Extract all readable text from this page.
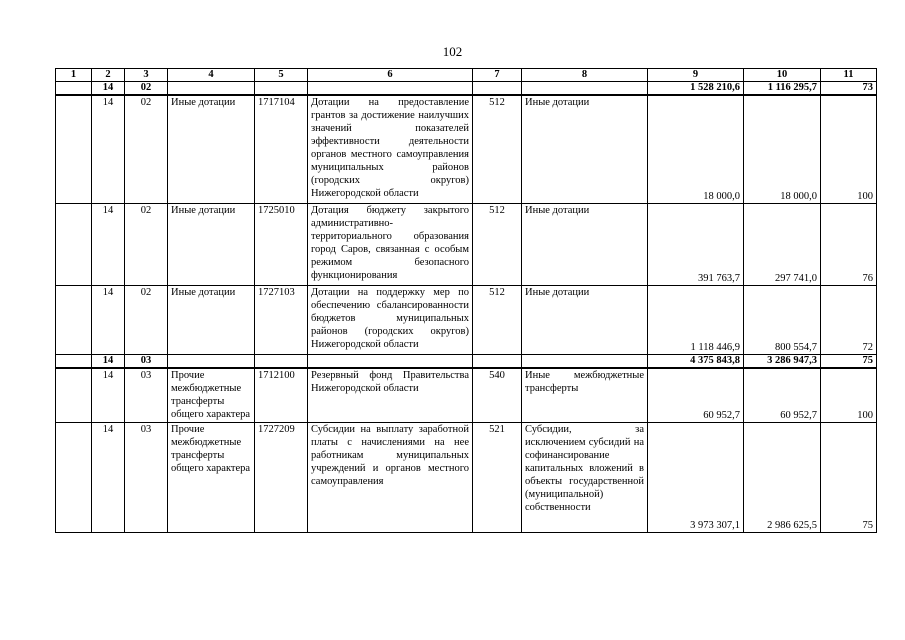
102
1	2	3	4	5	6	7	8	9	10	11
	14	02						1 528 210,6	1 116 295,7	73
	14	02	Иные дотации	1717104	Дотации на предоставление грантов за достижение наилучших значений показателей эффективности деятельности органов местного самоуправления муниципальных районов (городских округов) Нижегородской области	512	Иные дотации	18 000,0	18 000,0	100
	14	02	Иные дотации	1725010	Дотация бюджету закрытого административно-территориального образования город Саров, связанная с особым режимом безопасного функционирования	512	Иные дотации	391 763,7	297 741,0	76
	14	02	Иные дотации	1727103	Дотации на поддержку мер по обеспечению сбалансированности бюджетов муниципальных районов (городских округов) Нижегородской области	512	Иные дотации	1 118 446,9	800 554,7	72
	14	03						4 375 843,8	3 286 947,3	75
	14	03	Прочие межбюджетные трансферты общего характера	1712100	Резервный фонд Правительства Нижегородской области	540	Иные межбюджетные трансферты	60 952,7	60 952,7	100
	14	03	Прочие межбюджетные трансферты общего характера	1727209	Субсидии на выплату заработной платы с начислениями на нее работникам муниципальных учреждений и органов местного самоуправления	521	Субсидии, за исключением субсидий на софинансирование капитальных вложений в объекты государственной (муниципальной) собственности	3 973 307,1	2 986 625,5	75
